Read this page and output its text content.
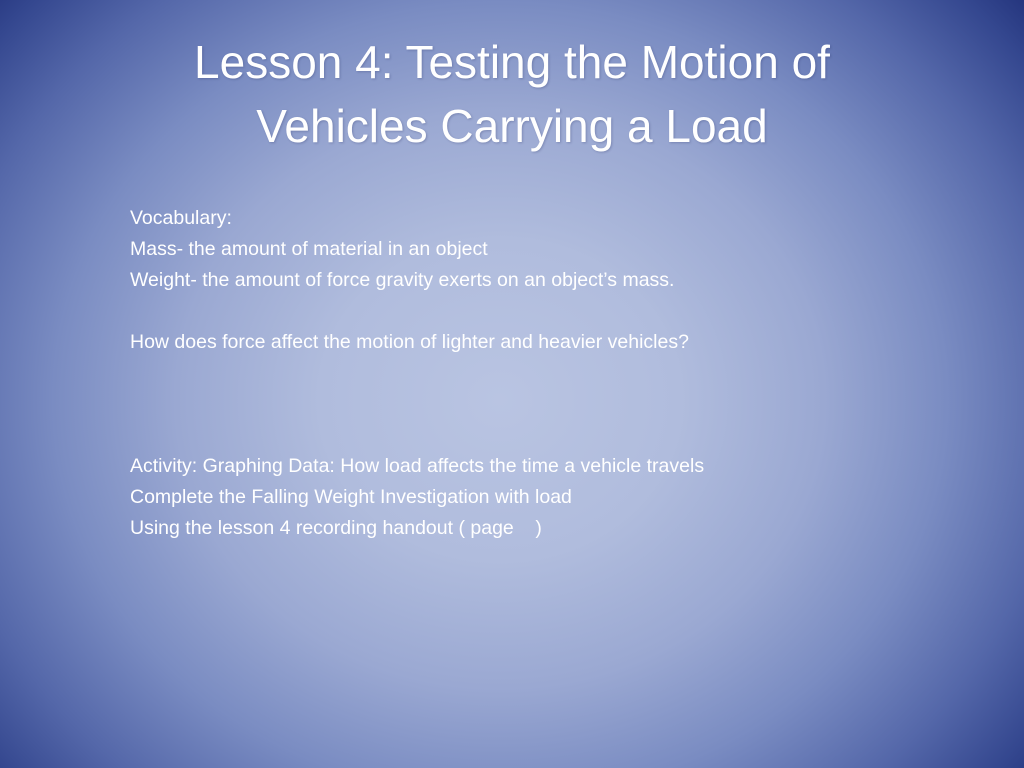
Lesson 4: Testing the Motion of
Vehicles Carrying a Load
Vocabulary:
Mass- the amount of material in an object
Weight- the amount of force gravity exerts on an object’s mass.
How does force affect the motion of lighter and heavier vehicles?
Activity: Graphing Data: How load affects the time a vehicle travels
Complete the Falling Weight Investigation with load
Using the lesson 4 recording handout ( page    )
